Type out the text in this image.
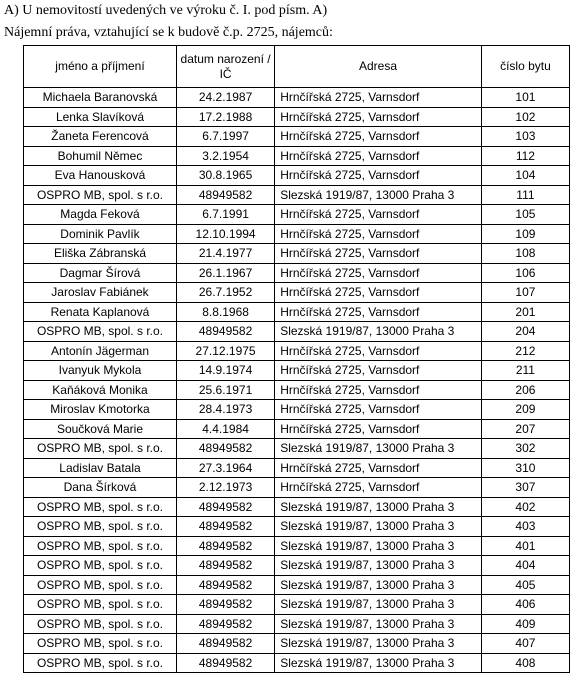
A) U nemovitostí uvedených ve výroku č. I. pod písm. A)
Nájemní práva, vztahující se k budově č.p. 2725, nájemců:
jméno a příjmení	datum narození / IČ	Adresa	číslo bytu
Michaela Baranovská	24.2.1987	Hrnčířská 2725, Varnsdorf	101
Lenka Slavíková	17.2.1988	Hrnčířská 2725, Varnsdorf	102
Žaneta Ferencová	6.7.1997	Hrnčířská 2725, Varnsdorf	103
Bohumil Němec	3.2.1954	Hrnčířská 2725, Varnsdorf	112
Eva Hanousková	30.8.1965	Hrnčířská 2725, Varnsdorf	104
OSPRO MB, spol. s r.o.	48949582	Slezská 1919/87, 13000 Praha 3	111
Magda Feková	6.7.1991	Hrnčířská 2725, Varnsdorf	105
Dominik Pavlík	12.10.1994	Hrnčířská 2725, Varnsdorf	109
Eliška Zábranská	21.4.1977	Hrnčířská 2725, Varnsdorf	108
Dagmar Šírová	26.1.1967	Hrnčířská 2725, Varnsdorf	106
Jaroslav Fabiánek	26.7.1952	Hrnčířská 2725, Varnsdorf	107
Renata Kaplanová	8.8.1968	Hrnčířská 2725, Varnsdorf	201
OSPRO MB, spol. s r.o.	48949582	Slezská 1919/87, 13000 Praha 3	204
Antonín Jägerman	27.12.1975	Hrnčířská 2725, Varnsdorf	212
Ivanyuk Mykola	14.9.1974	Hrnčířská 2725, Varnsdorf	211
Kaňáková Monika	25.6.1971	Hrnčířská 2725, Varnsdorf	206
Miroslav Kmotorka	28.4.1973	Hrnčířská 2725, Varnsdorf	209
Součková Marie	4.4.1984	Hrnčířská 2725, Varnsdorf	207
OSPRO MB, spol. s r.o.	48949582	Slezská 1919/87, 13000 Praha 3	302
Ladislav Batala	27.3.1964	Hrnčířská 2725, Varnsdorf	310
Dana Šírková	2.12.1973	Hrnčířská 2725, Varnsdorf	307
OSPRO MB, spol. s r.o.	48949582	Slezská 1919/87, 13000 Praha 3	402
OSPRO MB, spol. s r.o.	48949582	Slezská 1919/87, 13000 Praha 3	403
OSPRO MB, spol. s r.o.	48949582	Slezská 1919/87, 13000 Praha 3	401
OSPRO MB, spol. s r.o.	48949582	Slezská 1919/87, 13000 Praha 3	404
OSPRO MB, spol. s r.o.	48949582	Slezská 1919/87, 13000 Praha 3	405
OSPRO MB, spol. s r.o.	48949582	Slezská 1919/87, 13000 Praha 3	406
OSPRO MB, spol. s r.o.	48949582	Slezská 1919/87, 13000 Praha 3	409
OSPRO MB, spol. s r.o.	48949582	Slezská 1919/87, 13000 Praha 3	407
OSPRO MB, spol. s r.o.	48949582	Slezská 1919/87, 13000 Praha 3	408
